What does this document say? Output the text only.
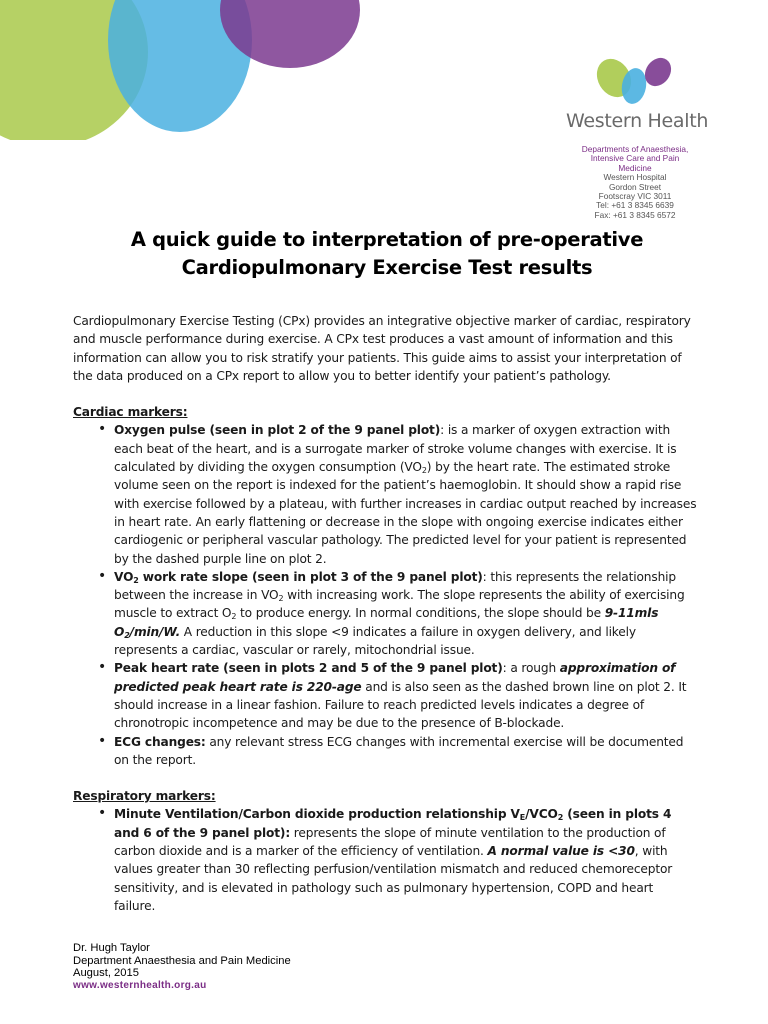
Western Health
Departments of Anaesthesia,
Intensive Care and Pain
Medicine
Western Hospital
Gordon Street
Footscray VIC 3011
Tel: +61 3 8345 6639
Fax: +61 3 8345 6572
A quick guide to interpretation of pre-operative
Cardiopulmonary Exercise Test results

Cardiopulmonary Exercise Testing (CPx) provides an integrative objective marker of cardiac, respiratory and muscle performance during exercise. A CPx test produces a vast amount of information and this information can allow you to risk stratify your patients. This guide aims to assist your interpretation of the data produced on a CPx report to allow you to better identify your patient’s pathology.

Cardiac markers:

• Oxygen pulse (seen in plot 2 of the 9 panel plot): is a marker of oxygen extraction with each beat of the heart, and is a surrogate marker of stroke volume changes with exercise. It is calculated by dividing the oxygen consumption $(VO_2)$ by the heart rate. The estimated stroke volume seen on the report is indexed for the patient’s haemoglobin. It should show a rapid rise with exercise followed by a plateau, with further increases in cardiac output reached by increases in heart rate. An early flattening or decrease in the slope with ongoing exercise indicates either cardiogenic or peripheral vascular pathology. The predicted level for your patient is represented by the dashed purple line on plot 2.
• $VO_2$ work rate slope (seen in plot 3 of the 9 panel plot): this represents the relationship between the increase in $VO_2$ with increasing work. The slope represents the ability of exercising muscle to extract $O_2$ to produce energy. In normal conditions, the slope should be 9-11mls $O_2/\min/W$. A reduction in this slope <9 indicates a failure in oxygen delivery, and likely represents a cardiac, vascular or rarely, mitochondrial issue.
• Peak heart rate (seen in plots 2 and 5 of the 9 panel plot): a rough approximation of predicted peak heart rate is 220-age and is also seen as the dashed brown line on plot 2. It should increase in a linear fashion. Failure to reach predicted levels indicates a degree of chronotropic incompetence and may be due to the presence of B-blockade.
• ECG changes: any relevant stress ECG changes with incremental exercise will be documented on the report.

Respiratory markers:

• Minute Ventilation/Carbon dioxide production relationship $V_E/VCO_2$ (seen in plots 4 and 6 of the 9 panel plot): represents the slope of minute ventilation to the production of carbon dioxide and is a marker of the efficiency of ventilation. A normal value is <30, with values greater than 30 reflecting perfusion/ventilation mismatch and reduced chemoreceptor sensitivity, and is elevated in pathology such as pulmonary hypertension, COPD and heart failure.
Dr. Hugh Taylor
Department Anaesthesia and Pain Medicine
August, 2015
www.westernhealth.org.au
